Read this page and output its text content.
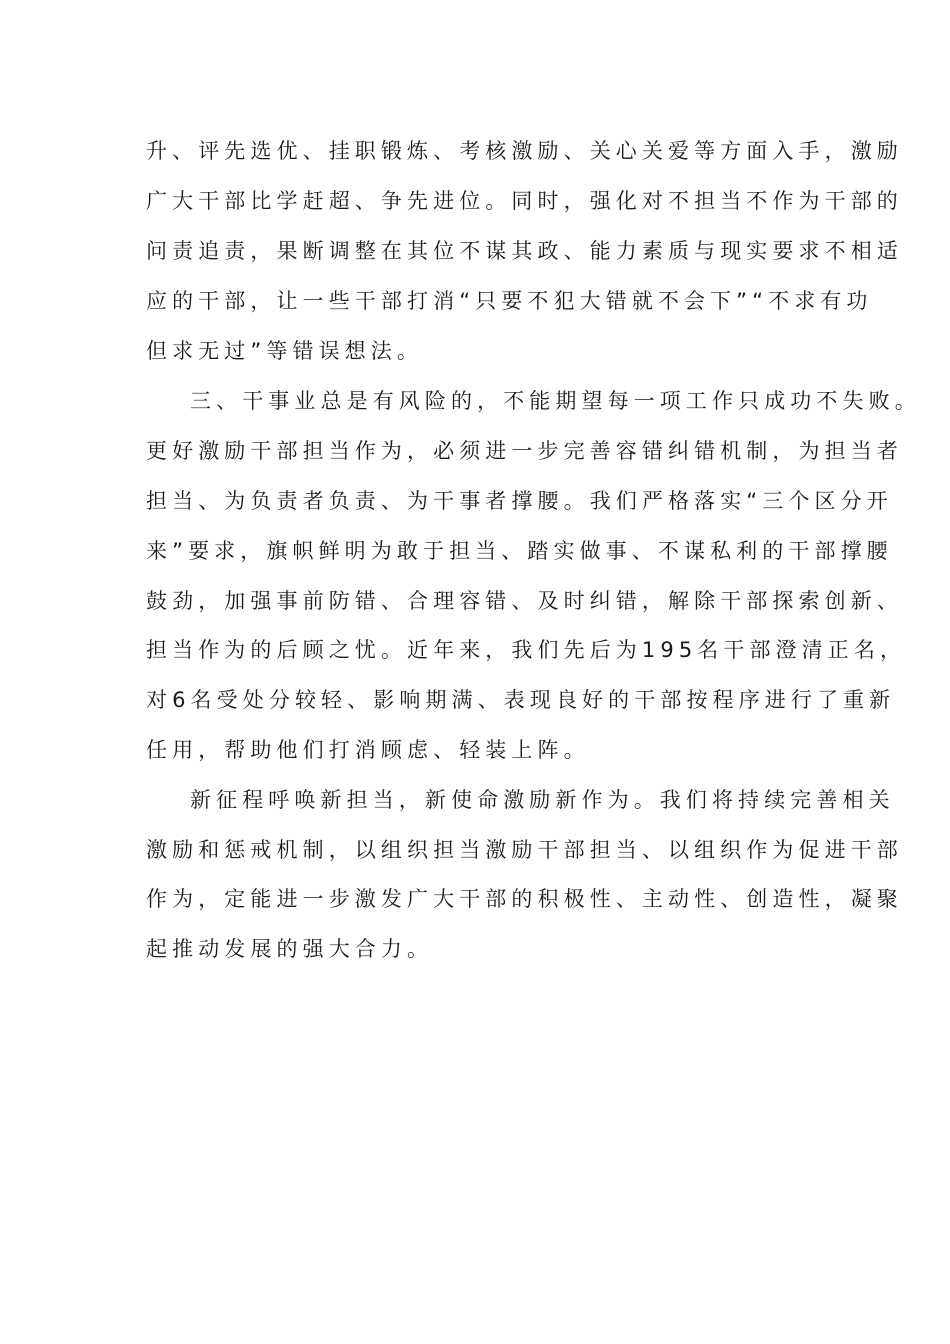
升、评先选优、挂职锻炼、考核激励、关心关爱等方面入手，激励
广大干部比学赶超、争先进位。同时，强化对不担当不作为干部的
问责追责，果断调整在其位不谋其政、能力素质与现实要求不相适
应的干部，让一些干部打消“只要不犯大错就不会下”“不求有功
但求无过”等错误想法。
三、干事业总是有风险的，不能期望每一项工作只成功不失败。
更好激励干部担当作为，必须进一步完善容错纠错机制，为担当者
担当、为负责者负责、为干事者撑腰。我们严格落实“三个区分开
来”要求，旗帜鲜明为敢于担当、踏实做事、不谋私利的干部撑腰
鼓劲，加强事前防错、合理容错、及时纠错，解除干部探索创新、
担当作为的后顾之忧。近年来，我们先后为195名干部澄清正名，
对6名受处分较轻、影响期满、表现良好的干部按程序进行了重新
任用，帮助他们打消顾虑、轻装上阵。
新征程呼唤新担当，新使命激励新作为。我们将持续完善相关
激励和惩戒机制，以组织担当激励干部担当、以组织作为促进干部
作为，定能进一步激发广大干部的积极性、主动性、创造性，凝聚
起推动发展的强大合力。
